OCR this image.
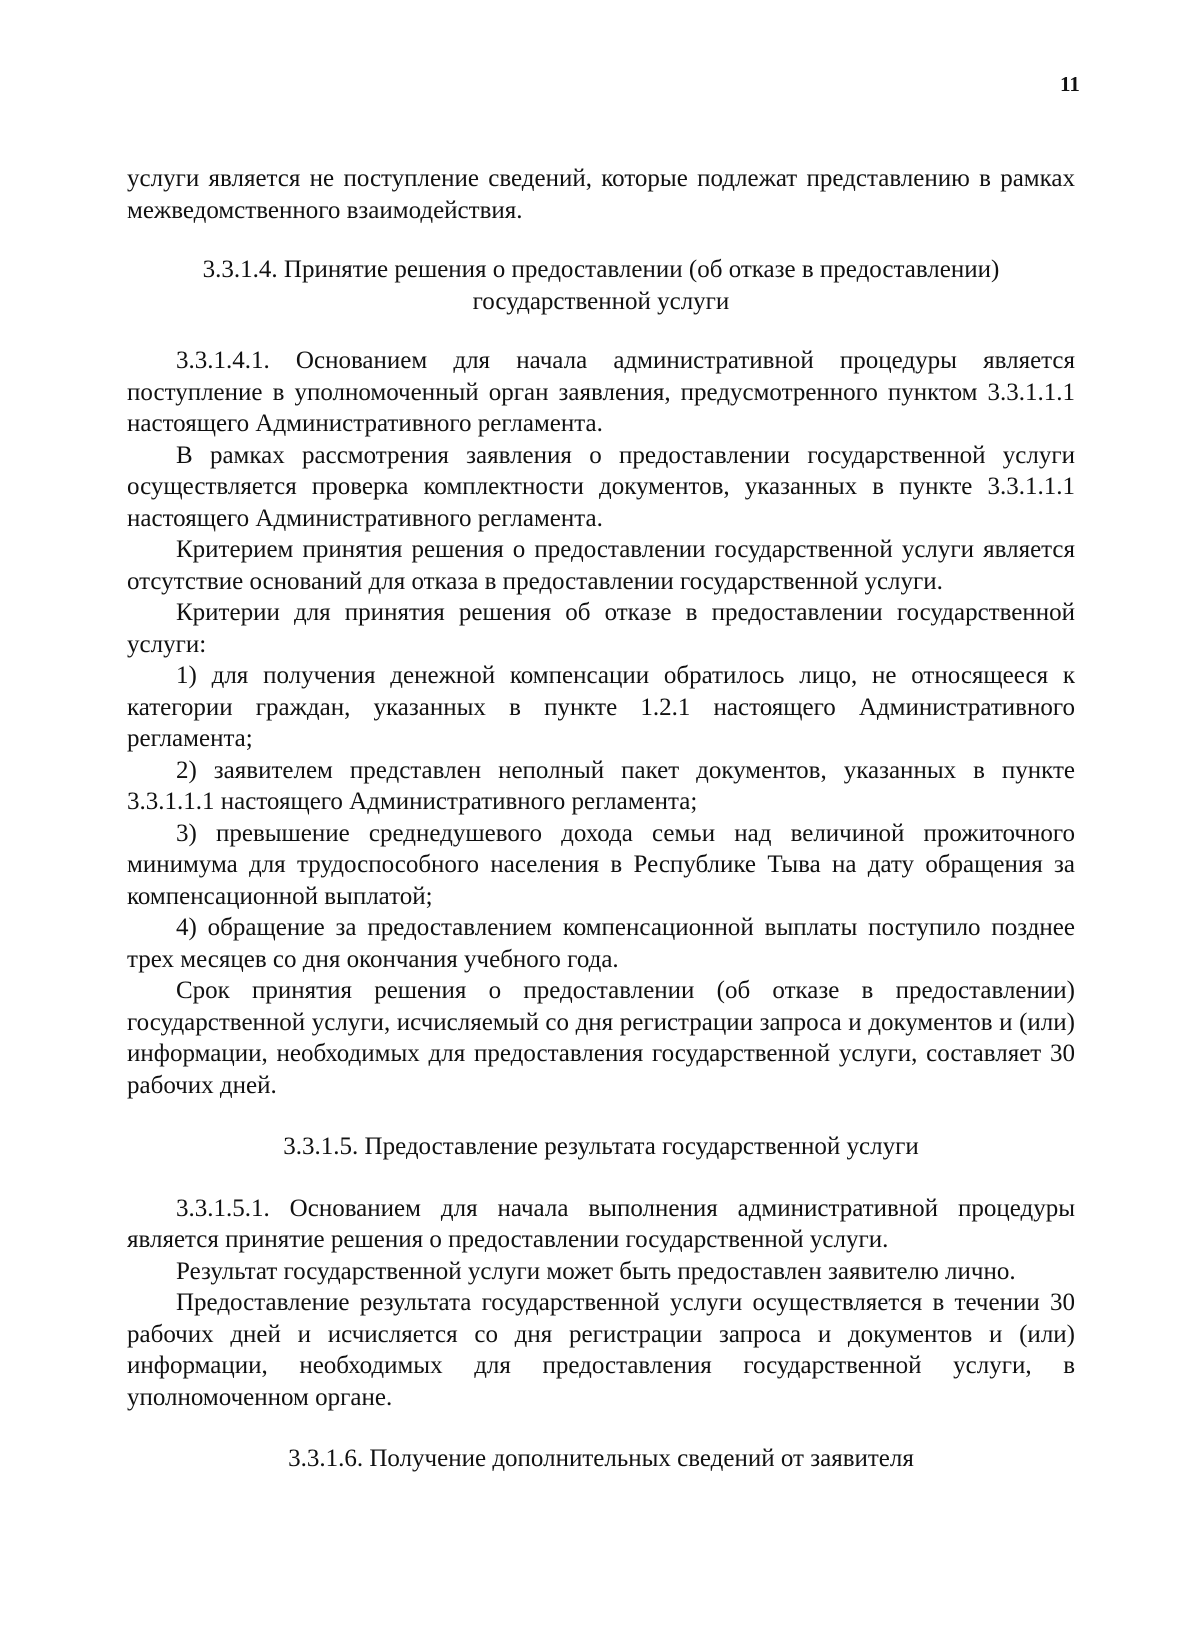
11

услуги является не поступление сведений, которые подлежат представлению в рамках межведомственного взаимодействия.

3.3.1.4. Принятие решения о предоставлении (об отказе в предоставлении) государственной услуги

3.3.1.4.1. Основанием для начала административной процедуры является поступление в уполномоченный орган заявления, предусмотренного пунктом 3.3.1.1.1 настоящего Административного регламента.

В рамках рассмотрения заявления о предоставлении государственной услуги осуществляется проверка комплектности документов, указанных в пункте 3.3.1.1.1 настоящего Административного регламента.

Критерием принятия решения о предоставлении государственной услуги является отсутствие оснований для отказа в предоставлении государственной услуги.

Критерии для принятия решения об отказе в предоставлении государственной услуги:

1) для получения денежной компенсации обратилось лицо, не относящееся к категории граждан, указанных в пункте 1.2.1 настоящего Административного регламента;

2) заявителем представлен неполный пакет документов, указанных в пункте 3.3.1.1.1 настоящего Административного регламента;

3) превышение среднедушевого дохода семьи над величиной прожиточного минимума для трудоспособного населения в Республике Тыва на дату обращения за компенсационной выплатой;

4) обращение за предоставлением компенсационной выплаты поступило позднее трех месяцев со дня окончания учебного года.

Срок принятия решения о предоставлении (об отказе в предоставлении) государственной услуги, исчисляемый со дня регистрации запроса и документов и (или) информации, необходимых для предоставления государственной услуги, составляет 30 рабочих дней.

3.3.1.5. Предоставление результата государственной услуги

3.3.1.5.1. Основанием для начала выполнения административной процедуры является принятие решения о предоставлении государственной услуги.

Результат государственной услуги может быть предоставлен заявителю лично.

Предоставление результата государственной услуги осуществляется в течении 30 рабочих дней и исчисляется со дня регистрации запроса и документов и (или) информации, необходимых для предоставления государственной услуги, в уполномоченном органе.

3.3.1.6. Получение дополнительных сведений от заявителя
